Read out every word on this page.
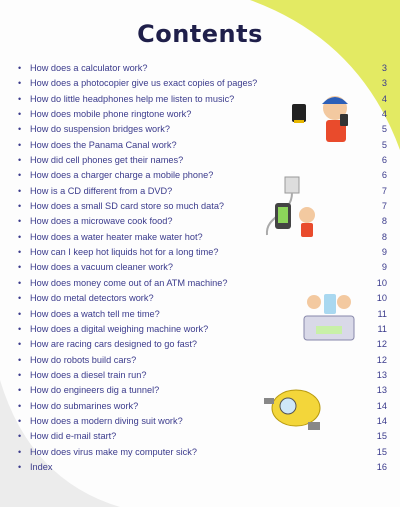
Contents
• How does a calculator work?	3
• How does a photocopier give us exact copies of pages?	3
• How do little headphones help me listen to music?	4
• How does mobile phone ringtone work?	4
• How do suspension bridges work?	5
• How does the Panama Canal work?	5
• How did cell phones get their names?	6
• How does a charger charge a mobile phone?	6
• How is a CD different from a DVD?	7
• How does a small SD card store so much data?	7
• How does a microwave cook food?	8
• How does a water heater make water hot?	8
• How can I keep hot liquids hot for a long time?	9
• How does a vacuum cleaner work?	9
• How does money come out of an ATM machine?	10
• How do metal detectors work?	10
• How does a watch tell me time?	11
• How does a digital weighing machine work?	11
• How are racing cars designed to go fast?	12
• How do robots build cars?	12
• How does a diesel train run?	13
• How do engineers dig a tunnel?	13
• How do submarines work?	14
• How does a modern diving suit work?	14
• How did e-mail start?	15
• How does virus make my computer sick?	15
• Index	16
